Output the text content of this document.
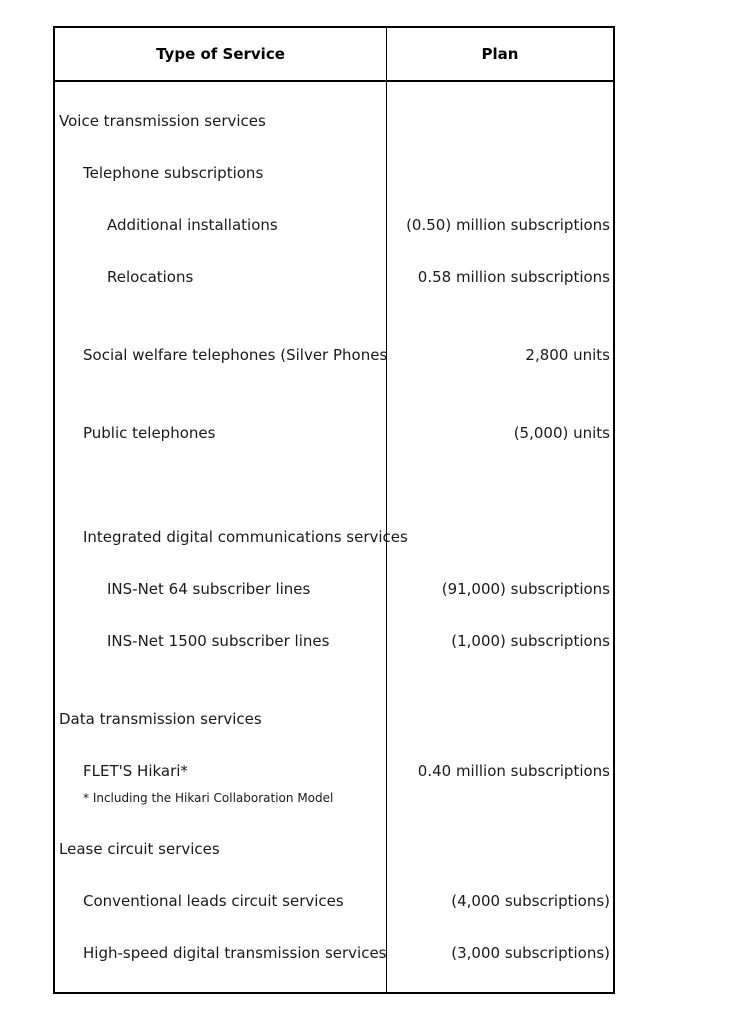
Type of Service	Plan
Voice transmission services
Telephone subscriptions
Additional installations	(0.50) million subscriptions
Relocations	0.58 million subscriptions
Social welfare telephones (Silver Phones	2,800 units
Public telephones	(5,000) units
Integrated digital communications services
INS-Net 64 subscriber lines	(91,000) subscriptions
INS-Net 1500 subscriber lines	(1,000) subscriptions
Data transmission services
FLET'S Hikari*	0.40 million subscriptions
* Including the Hikari Collaboration Model
Lease circuit services
Conventional leads circuit services	(4,000 subscriptions)
High-speed digital transmission services	(3,000 subscriptions)
